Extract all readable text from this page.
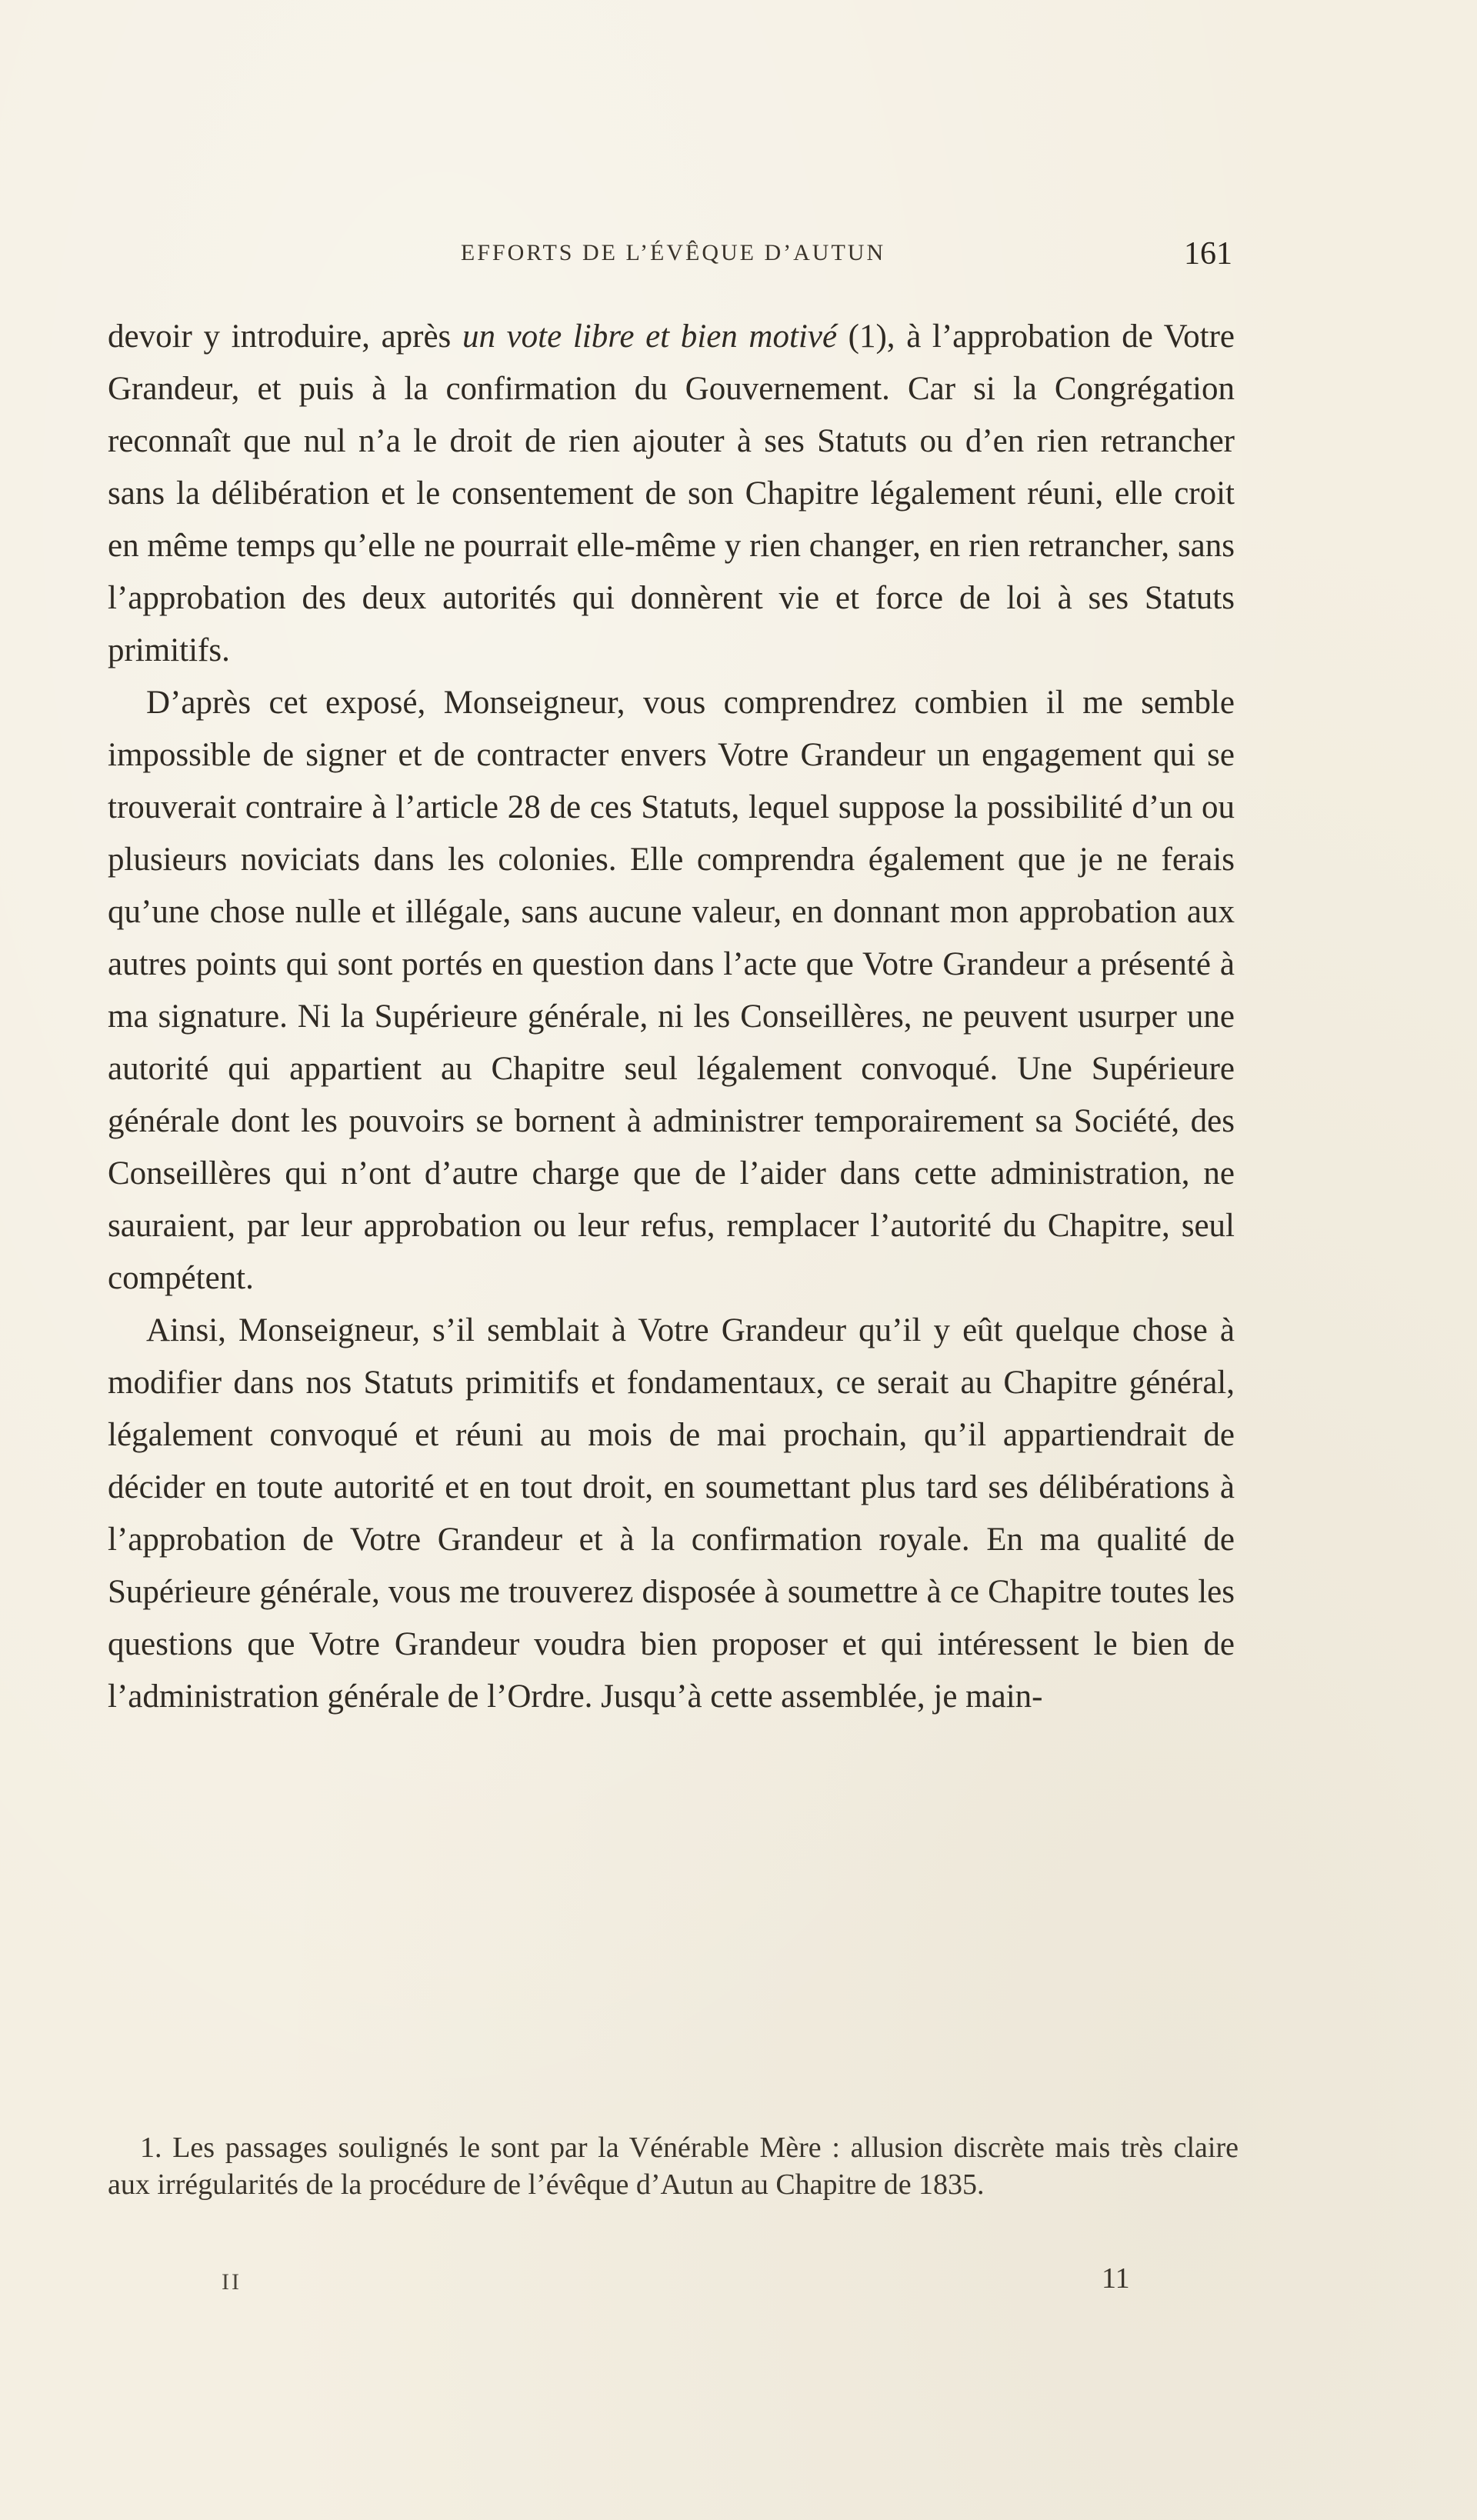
EFFORTS DE L’ÉVÊQUE D’AUTUN	161

devoir y introduire, après un vote libre et bien motivé (1), à l’approbation de Votre Grandeur, et puis à la confirmation du Gouvernement. Car si la Congrégation reconnaît que nul n’a le droit de rien ajouter à ses Statuts ou d’en rien retrancher sans la délibération et le consentement de son Chapitre légalement réuni, elle croit en même temps qu’elle ne pourrait elle-même y rien changer, en rien retrancher, sans l’approbation des deux autorités qui donnèrent vie et force de loi à ses Statuts primitifs.

D’après cet exposé, Monseigneur, vous comprendrez combien il me semble impossible de signer et de contracter envers Votre Grandeur un engagement qui se trouverait contraire à l’article 28 de ces Statuts, lequel suppose la possibilité d’un ou plusieurs noviciats dans les colonies. Elle comprendra également que je ne ferais qu’une chose nulle et illégale, sans aucune valeur, en donnant mon approbation aux autres points qui sont portés en question dans l’acte que Votre Grandeur a présenté à ma signature. Ni la Supérieure générale, ni les Conseillères, ne peuvent usurper une autorité qui appartient au Chapitre seul légalement convoqué. Une Supérieure générale dont les pouvoirs se bornent à administrer temporairement sa Société, des Conseillères qui n’ont d’autre charge que de l’aider dans cette administration, ne sauraient, par leur approbation ou leur refus, remplacer l’autorité du Chapitre, seul compétent.

Ainsi, Monseigneur, s’il semblait à Votre Grandeur qu’il y eût quelque chose à modifier dans nos Statuts primitifs et fondamentaux, ce serait au Chapitre général, légalement convoqué et réuni au mois de mai prochain, qu’il appartiendrait de décider en toute autorité et en tout droit, en soumettant plus tard ses délibérations à l’approbation de Votre Grandeur et à la confirmation royale. En ma qualité de Supérieure générale, vous me trouverez disposée à soumettre à ce Chapitre toutes les questions que Votre Grandeur voudra bien proposer et qui intéressent le bien de l’administration générale de l’Ordre. Jusqu’à cette assemblée, je main-

1. Les passages soulignés le sont par la Vénérable Mère : allusion discrète mais très claire aux irrégularités de la procédure de l’évêque d’Autun au Chapitre de 1835.
II	11
